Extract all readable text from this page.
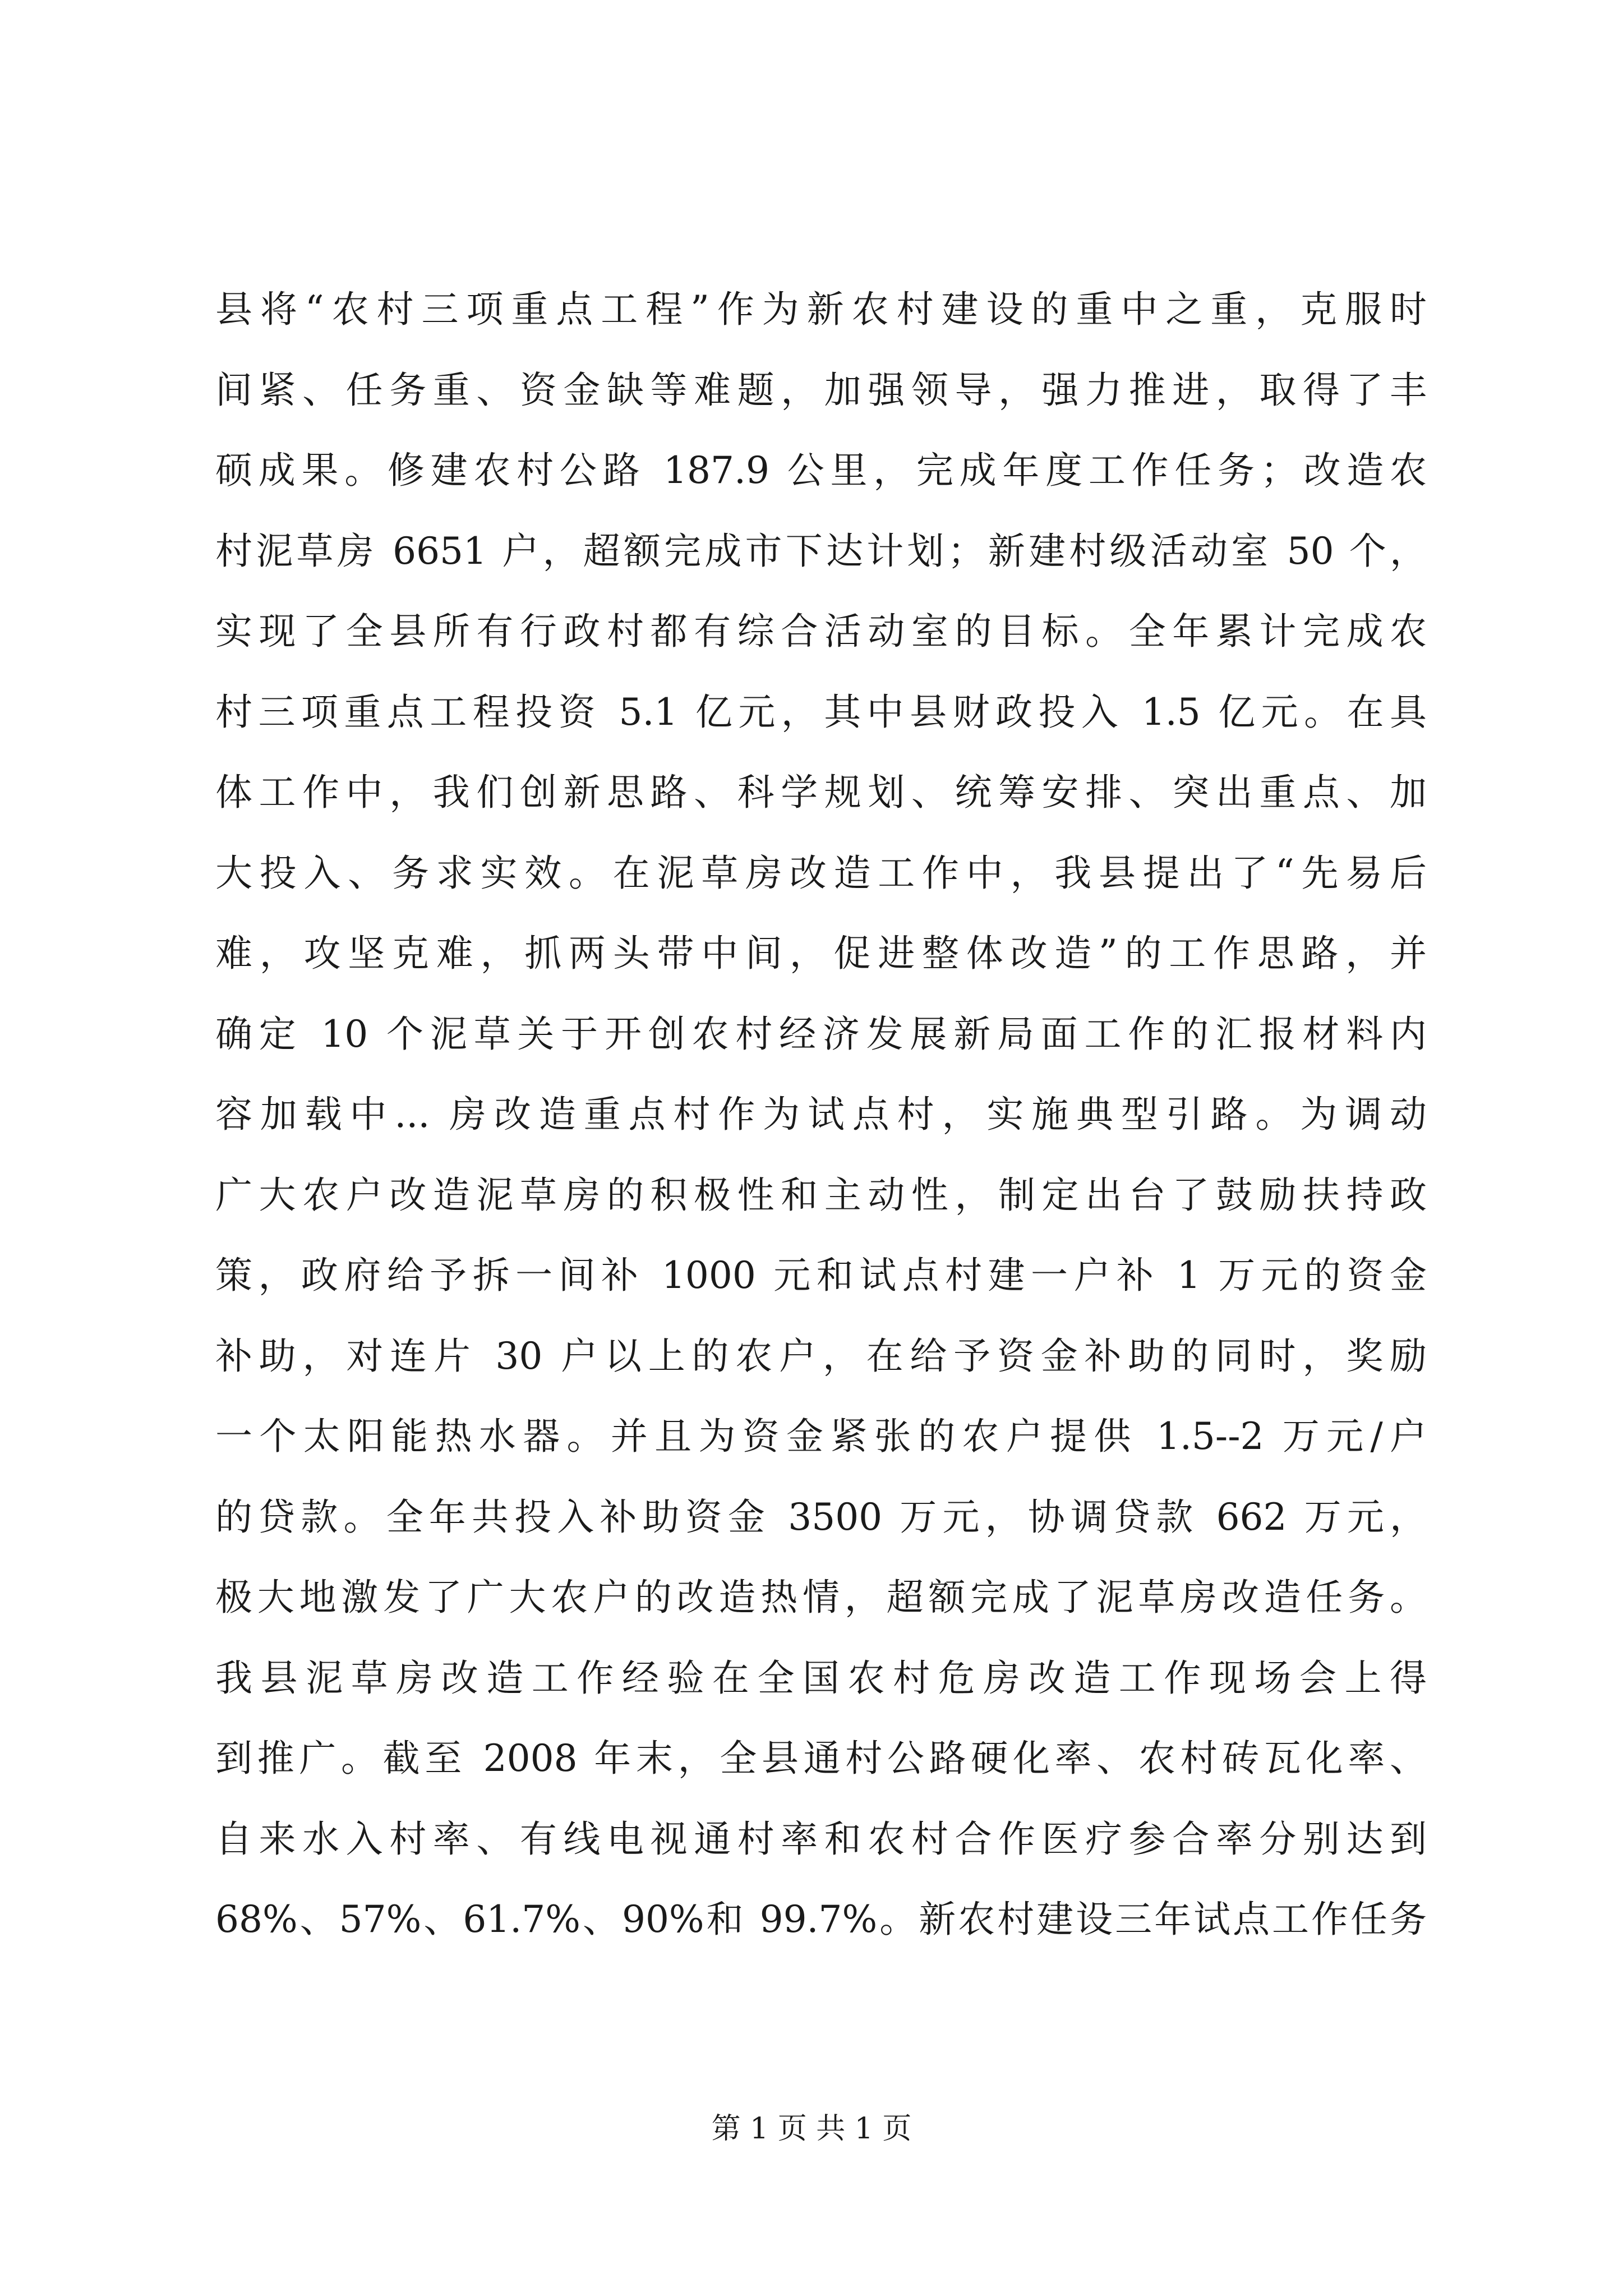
县将“农村三项重点工程”作为新农村建设的重中之重，克服时
间紧、任务重、资金缺等难题，加强领导，强力推进，取得了丰
硕成果。修建农村公路 187.9 公里，完成年度工作任务；改造农
村泥草房 6651 户，超额完成市下达计划；新建村级活动室 50 个，
实现了全县所有行政村都有综合活动室的目标。全年累计完成农
村三项重点工程投资 5.1 亿元，其中县财政投入 1.5 亿元。在具
体工作中，我们创新思路、科学规划、统筹安排、突出重点、加
大投入、务求实效。在泥草房改造工作中，我县提出了“先易后
难，攻坚克难，抓两头带中间，促进整体改造”的工作思路，并
确定 10 个泥草关于开创农村经济发展新局面工作的汇报材料内
容加载中... 房改造重点村作为试点村，实施典型引路。为调动
广大农户改造泥草房的积极性和主动性，制定出台了鼓励扶持政
策，政府给予拆一间补 1000 元和试点村建一户补 1 万元的资金
补助，对连片 30 户以上的农户，在给予资金补助的同时，奖励
一个太阳能热水器。并且为资金紧张的农户提供 1.5--2 万元/户
的贷款。全年共投入补助资金 3500 万元，协调贷款 662 万元，
极大地激发了广大农户的改造热情，超额完成了泥草房改造任务。
我县泥草房改造工作经验在全国农村危房改造工作现场会上得
到推广。截至 2008 年末，全县通村公路硬化率、农村砖瓦化率、
自来水入村率、有线电视通村率和农村合作医疗参合率分别达到
68%、57%、61.7%、90%和 99.7%。新农村建设三年试点工作任务
第 1 页 共 1 页
